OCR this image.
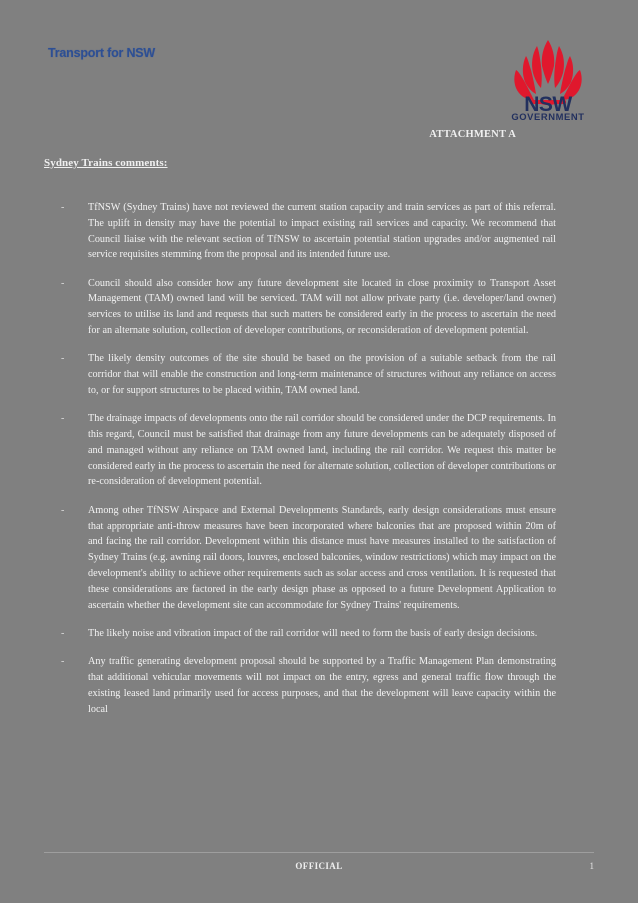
Transport for NSW
GOVERNMENT
NSW
ATTACHMENT A
Sydney Trains comments:
-	TfNSW (Sydney Trains) have not reviewed the current station capacity and train services as part of this referral. The uplift in density may have the potential to impact existing rail services and capacity. We recommend that Council liaise with the relevant section of TfNSW to ascertain potential station upgrades and/or augmented rail service requisites stemming from the proposal and its intended future use.
-	Council should also consider how any future development site located in close proximity to Transport Asset Management (TAM) owned land will be serviced. TAM will not allow private party (i.e. developer/land owner) services to utilise its land and requests that such matters be considered early in the process to ascertain the need for an alternate solution, collection of developer contributions, or reconsideration of development potential.
-	The likely density outcomes of the site should be based on the provision of a suitable setback from the rail corridor that will enable the construction and long-term maintenance of structures without any reliance on access to, or for support structures to be placed within, TAM owned land.
-	The drainage impacts of developments onto the rail corridor should be considered under the DCP requirements. In this regard, Council must be satisfied that drainage from any future developments can be adequately disposed of and managed without any reliance on TAM owned land, including the rail corridor. We request this matter be considered early in the process to ascertain the need for alternate solution, collection of developer contributions or re-consideration of development potential.
-	Among other TfNSW Airspace and External Developments Standards, early design considerations must ensure that appropriate anti-throw measures have been incorporated where balconies that are proposed within 20m of and facing the rail corridor. Development within this distance must have measures installed to the satisfaction of Sydney Trains (e.g. awning rail doors, louvres, enclosed balconies, window restrictions) which may impact on the development's ability to achieve other requirements such as solar access and cross ventilation. It is requested that these considerations are factored in the early design phase as opposed to a future Development Application to ascertain whether the development site can accommodate for Sydney Trains' requirements.
-	The likely noise and vibration impact of the rail corridor will need to form the basis of early design decisions.
-	Any traffic generating development proposal should be supported by a Traffic Management Plan demonstrating that additional vehicular movements will not impact on the entry, egress and general traffic flow through the existing leased land primarily used for access purposes, and that the development will leave capacity within the local
OFFICIAL	1
